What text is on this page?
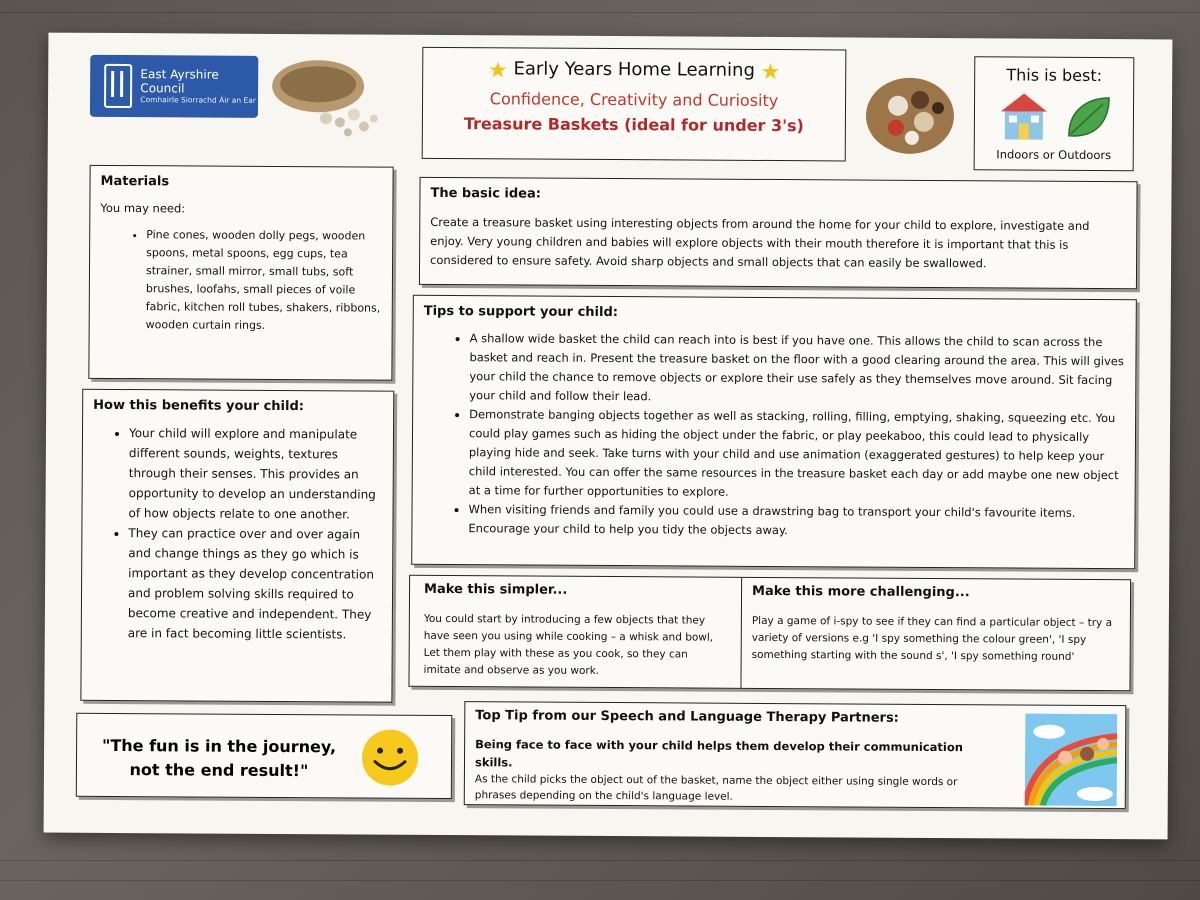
East Ayrshire Council
Comhairle Siorrachd Àir an Ear
★ Early Years Home Learning ★
Confidence, Creativity and Curiosity
Treasure Baskets (ideal for under 3's)
This is best:
Indoors or Outdoors
Materials
You may need:
• Pine cones, wooden dolly pegs, wooden spoons, metal spoons, egg cups, tea strainer, small mirror, small tubs, soft brushes, loofahs, small pieces of voile fabric, kitchen roll tubes, shakers, ribbons, wooden curtain rings.
How this benefits your child:
• Your child will explore and manipulate different sounds, weights, textures through their senses. This provides an opportunity to develop an understanding of how objects relate to one another.
• They can practice over and over again and change things as they go which is important as they develop concentration and problem solving skills required to become creative and independent. They are in fact becoming little scientists.
The basic idea:
Create a treasure basket using interesting objects from around the home for your child to explore, investigate and enjoy. Very young children and babies will explore objects with their mouth therefore it is important that this is considered to ensure safety. Avoid sharp objects and small objects that can easily be swallowed.
Tips to support your child:
• A shallow wide basket the child can reach into is best if you have one. This allows the child to scan across the basket and reach in. Present the treasure basket on the floor with a good clearing around the area. This will gives your child the chance to remove objects or explore their use safely as they themselves move around. Sit facing your child and follow their lead.
• Demonstrate banging objects together as well as stacking, rolling, filling, emptying, shaking, squeezing etc. You could play games such as hiding the object under the fabric, or play peekaboo, this could lead to physically playing hide and seek. Take turns with your child and use animation (exaggerated gestures) to help keep your child interested. You can offer the same resources in the treasure basket each day or add maybe one new object at a time for further opportunities to explore.
• When visiting friends and family you could use a drawstring bag to transport your child's favourite items. Encourage your child to help you tidy the objects away.
Make this simpler...
You could start by introducing a few objects that they have seen you using while cooking – a whisk and bowl, Let them play with these as you cook, so they can imitate and observe as you work.
Make this more challenging...
Play a game of i-spy to see if they can find a particular object – try a variety of versions e.g 'I spy something the colour green', 'I spy something starting with the sound s', 'I spy something round'
"The fun is in the journey,
not the end result!"
Top Tip from our Speech and Language Therapy Partners:
Being face to face with your child helps them develop their communication skills.
As the child picks the object out of the basket, name the object either using single words or phrases depending on the child's language level.
